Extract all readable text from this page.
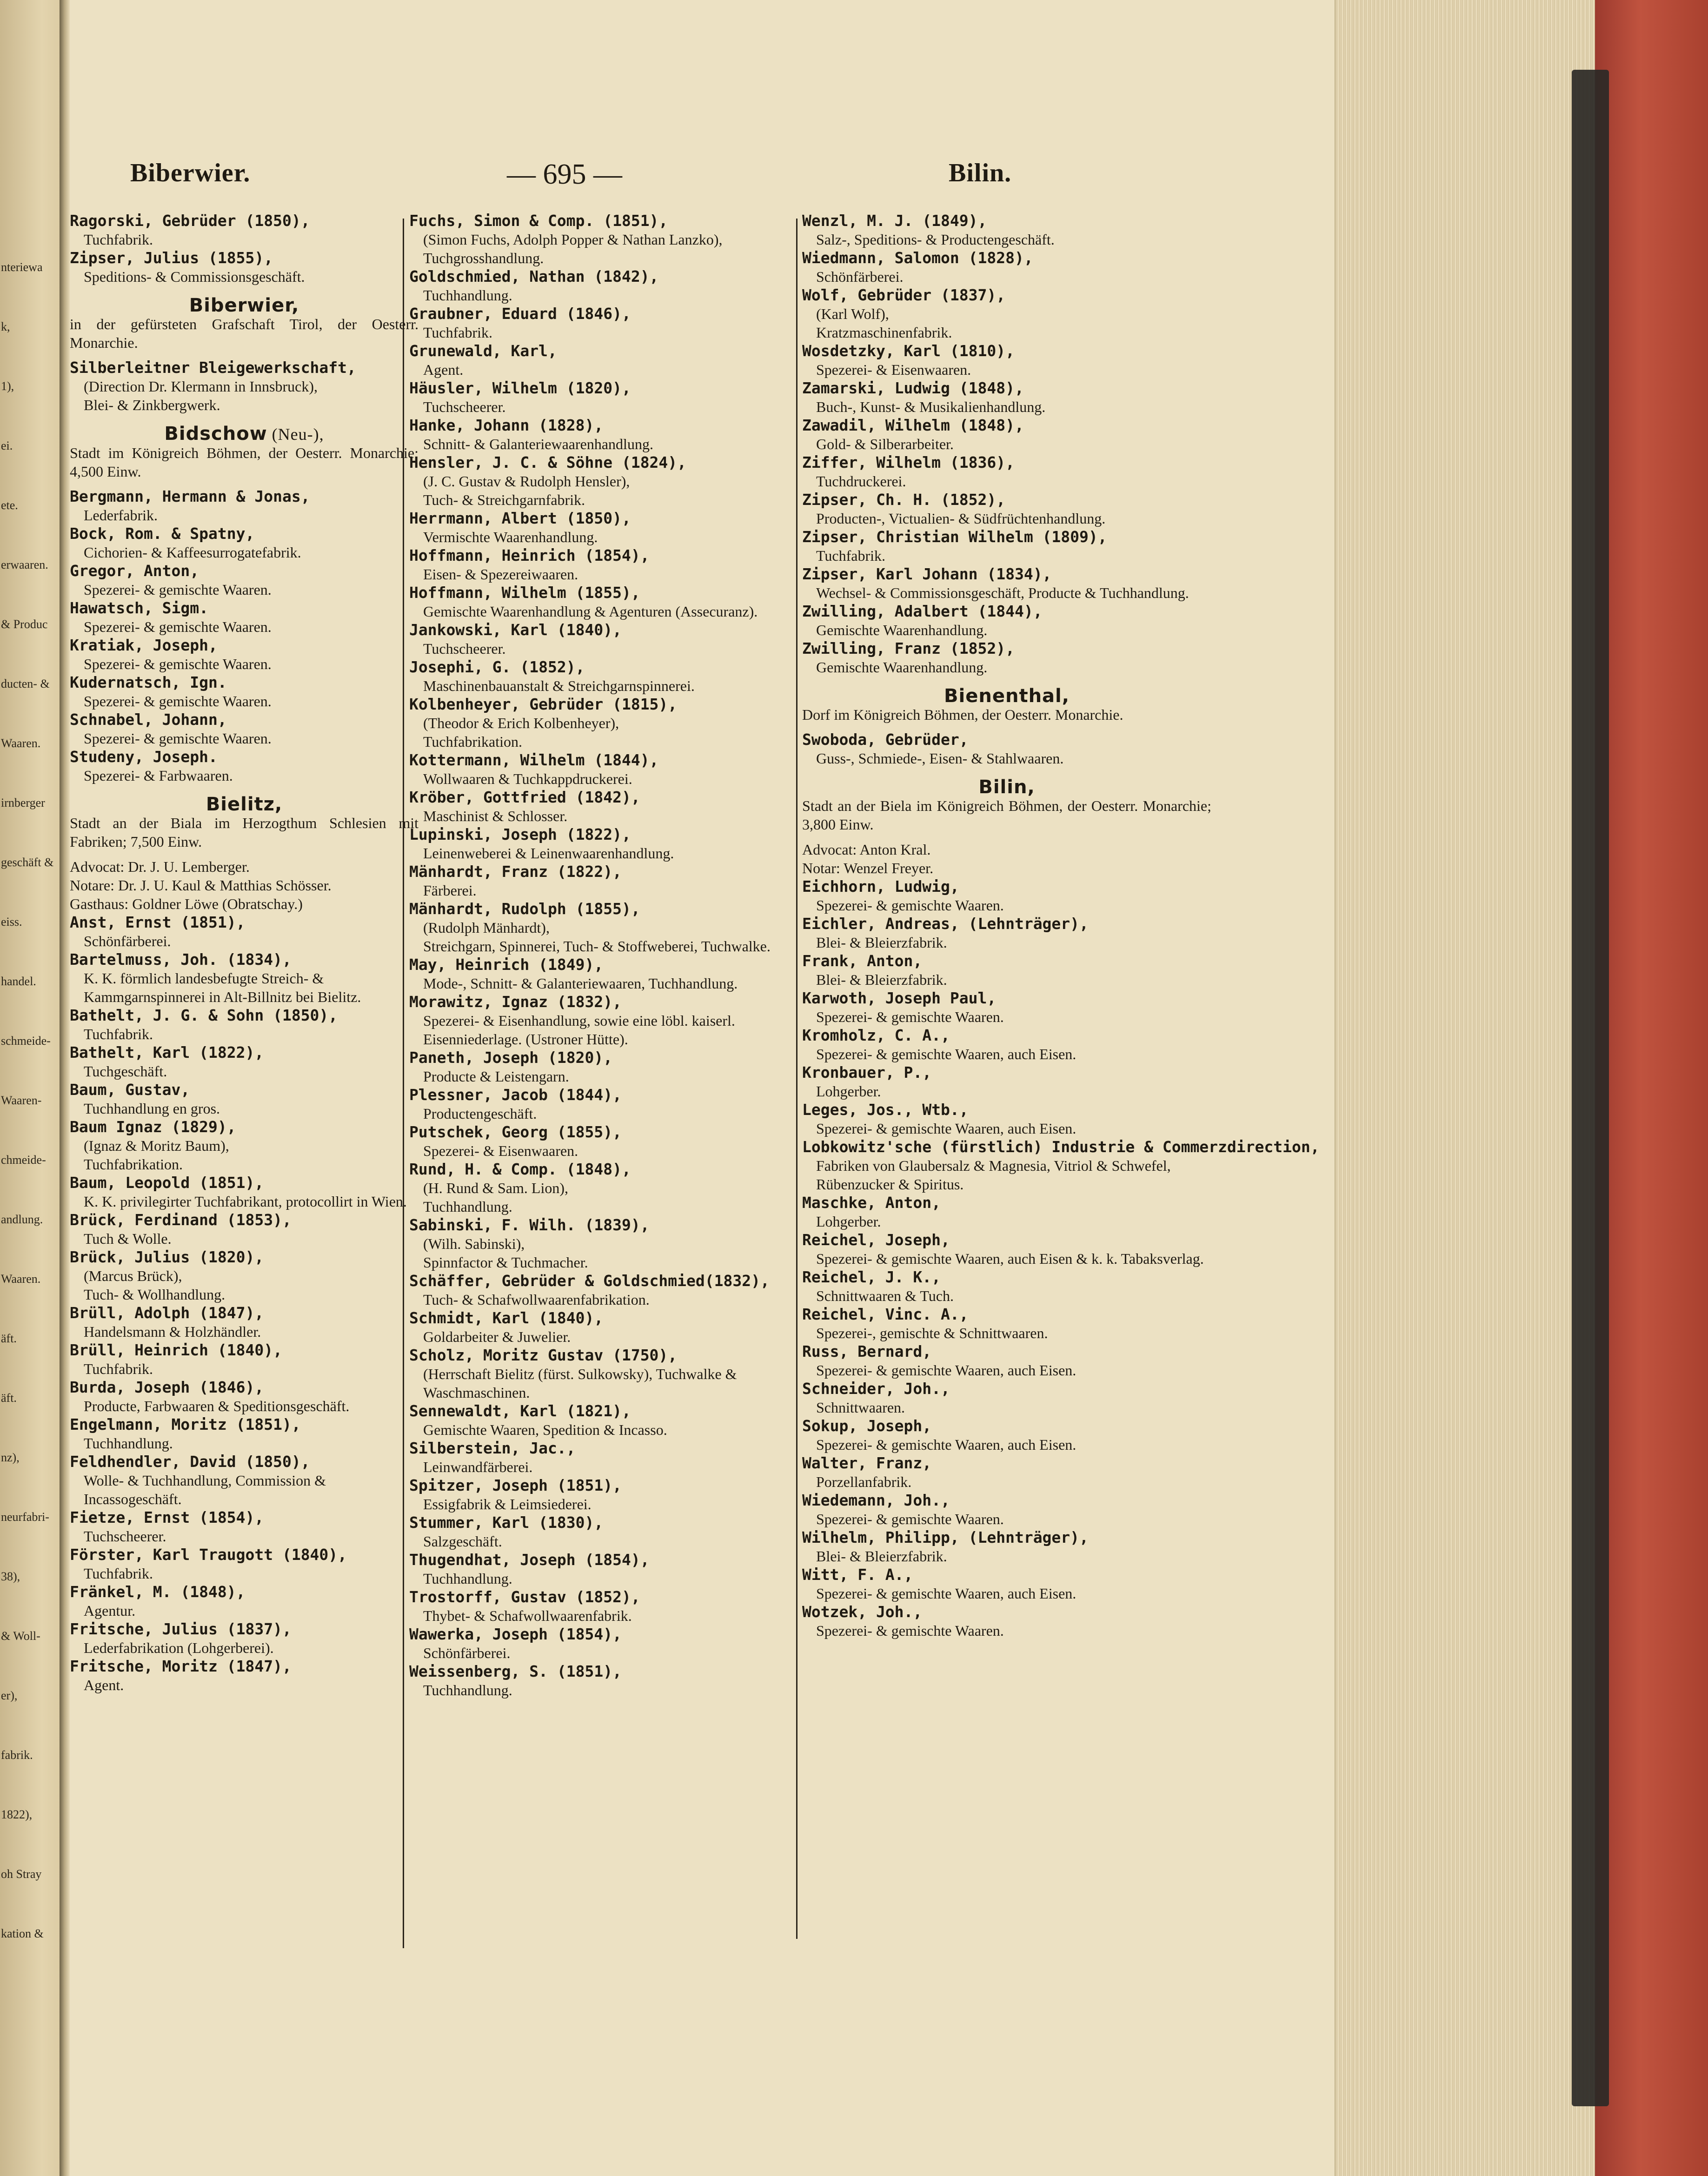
nteriewa
k,
1),
ei.
ete.
erwaaren.
& Produc
ducten- &
Waaren.
irnberger
geschäft &
eiss.
handel.
schmeide-
Waaren-
chmeide-
andlung.
Waaren.
äft.
äft.
nz),
neurfabri-
38),
& Woll-
er),
fabrik.
1822),
oh Stray
kation &
Biberwier.	— 695 —	Bilin.
Ragorski, Gebrüder (1850),
Tuchfabrik.
Zipser, Julius (1855),
Speditions- & Commissionsgeschäft.
Biberwier,
in der gefürsteten Grafschaft Tirol, der Oesterr. Monarchie.
Silberleitner Bleigewerkschaft,
(Direction Dr. Klermann in Innsbruck),
Blei- & Zinkbergwerk.
Bidschow (Neu-),
Stadt im Königreich Böhmen, der Oesterr. Monarchie; 4,500 Einw.
Bergmann, Hermann & Jonas,
Lederfabrik.
Bock, Rom. & Spatny,
Cichorien- & Kaffeesurrogatefabrik.
Gregor, Anton,
Spezerei- & gemischte Waaren.
Hawatsch, Sigm.
Spezerei- & gemischte Waaren.
Kratiak, Joseph,
Spezerei- & gemischte Waaren.
Kudernatsch, Ign.
Spezerei- & gemischte Waaren.
Schnabel, Johann,
Spezerei- & gemischte Waaren.
Studeny, Joseph.
Spezerei- & Farbwaaren.
Bielitz,
Stadt an der Biala im Herzogthum Schlesien mit Fabriken; 7,500 Einw.
Advocat: Dr. J. U. Lemberger.
Notare: Dr. J. U. Kaul & Matthias Schösser.
Gasthaus: Goldner Löwe (Obratschay.)
Anst, Ernst (1851),
Schönfärberei.
Bartelmuss, Joh. (1834),
K. K. förmlich landesbefugte Streich- & Kammgarnspinnerei in Alt-Billnitz bei Bielitz.
Bathelt, J. G. & Sohn (1850),
Tuchfabrik.
Bathelt, Karl (1822),
Tuchgeschäft.
Baum, Gustav,
Tuchhandlung en gros.
Baum Ignaz (1829),
(Ignaz & Moritz Baum),
Tuchfabrikation.
Baum, Leopold (1851),
K. K. privilegirter Tuchfabrikant, protocollirt in Wien.
Brück, Ferdinand (1853),
Tuch & Wolle.
Brück, Julius (1820),
(Marcus Brück),
Tuch- & Wollhandlung.
Brüll, Adolph (1847),
Handelsmann & Holzhändler.
Brüll, Heinrich (1840),
Tuchfabrik.
Burda, Joseph (1846),
Producte, Farbwaaren & Speditionsgeschäft.
Engelmann, Moritz (1851),
Tuchhandlung.
Feldhendler, David (1850),
Wolle- & Tuchhandlung, Commission & Incassogeschäft.
Fietze, Ernst (1854),
Tuchscheerer.
Förster, Karl Traugott (1840),
Tuchfabrik.
Fränkel, M. (1848),
Agentur.
Fritsche, Julius (1837),
Lederfabrikation (Lohgerberei).
Fritsche, Moritz (1847),
Agent.
Fuchs, Simon & Comp. (1851),
(Simon Fuchs, Adolph Popper & Nathan Lanzko),
Tuchgrosshandlung.
Goldschmied, Nathan (1842),
Tuchhandlung.
Graubner, Eduard (1846),
Tuchfabrik.
Grunewald, Karl,
Agent.
Häusler, Wilhelm (1820),
Tuchscheerer.
Hanke, Johann (1828),
Schnitt- & Galanteriewaarenhandlung.
Hensler, J. C. & Söhne (1824),
(J. C. Gustav & Rudolph Hensler),
Tuch- & Streichgarnfabrik.
Herrmann, Albert (1850),
Vermischte Waarenhandlung.
Hoffmann, Heinrich (1854),
Eisen- & Spezereiwaaren.
Hoffmann, Wilhelm (1855),
Gemischte Waarenhandlung & Agenturen (Assecuranz).
Jankowski, Karl (1840),
Tuchscheerer.
Josephi, G. (1852),
Maschinenbauanstalt & Streichgarnspinnerei.
Kolbenheyer, Gebrüder (1815),
(Theodor & Erich Kolbenheyer),
Tuchfabrikation.
Kottermann, Wilhelm (1844),
Wollwaaren & Tuchkappdruckerei.
Kröber, Gottfried (1842),
Maschinist & Schlosser.
Lupinski, Joseph (1822),
Leinenweberei & Leinenwaarenhandlung.
Mänhardt, Franz (1822),
Färberei.
Mänhardt, Rudolph (1855),
(Rudolph Mänhardt),
Streichgarn, Spinnerei, Tuch- & Stoffweberei, Tuchwalke.
May, Heinrich (1849),
Mode-, Schnitt- & Galanteriewaaren, Tuchhandlung.
Morawitz, Ignaz (1832),
Spezerei- & Eisenhandlung, sowie eine löbl. kaiserl. Eisenniederlage. (Ustroner Hütte).
Paneth, Joseph (1820),
Producte & Leistengarn.
Plessner, Jacob (1844),
Productengeschäft.
Putschek, Georg (1855),
Spezerei- & Eisenwaaren.
Rund, H. & Comp. (1848),
(H. Rund & Sam. Lion),
Tuchhandlung.
Sabinski, F. Wilh. (1839),
(Wilh. Sabinski),
Spinnfactor & Tuchmacher.
Schäffer, Gebrüder & Goldschmied(1832),
Tuch- & Schafwollwaarenfabrikation.
Schmidt, Karl (1840),
Goldarbeiter & Juwelier.
Scholz, Moritz Gustav (1750),
(Herrschaft Bielitz (fürst. Sulkowsky), Tuchwalke & Waschmaschinen.
Sennewaldt, Karl (1821),
Gemischte Waaren, Spedition & Incasso.
Silberstein, Jac.,
Leinwandfärberei.
Spitzer, Joseph (1851),
Essigfabrik & Leimsiederei.
Stummer, Karl (1830),
Salzgeschäft.
Thugendhat, Joseph (1854),
Tuchhandlung.
Trostorff, Gustav (1852),
Thybet- & Schafwollwaarenfabrik.
Wawerka, Joseph (1854),
Schönfärberei.
Weissenberg, S. (1851),
Tuchhandlung.
Wenzl, M. J. (1849),
Salz-, Speditions- & Productengeschäft.
Wiedmann, Salomon (1828),
Schönfärberei.
Wolf, Gebrüder (1837),
(Karl Wolf),
Kratzmaschinenfabrik.
Wosdetzky, Karl (1810),
Spezerei- & Eisenwaaren.
Zamarski, Ludwig (1848),
Buch-, Kunst- & Musikalienhandlung.
Zawadil, Wilhelm (1848),
Gold- & Silberarbeiter.
Ziffer, Wilhelm (1836),
Tuchdruckerei.
Zipser, Ch. H. (1852),
Producten-, Victualien- & Südfrüchtenhandlung.
Zipser, Christian Wilhelm (1809),
Tuchfabrik.
Zipser, Karl Johann (1834),
Wechsel- & Commissionsgeschäft, Producte & Tuchhandlung.
Zwilling, Adalbert (1844),
Gemischte Waarenhandlung.
Zwilling, Franz (1852),
Gemischte Waarenhandlung.
Bienenthal,
Dorf im Königreich Böhmen, der Oesterr. Monarchie.
Swoboda, Gebrüder,
Guss-, Schmiede-, Eisen- & Stahlwaaren.
Bilin,
Stadt an der Biela im Königreich Böhmen, der Oesterr. Monarchie; 3,800 Einw.
Advocat: Anton Kral.
Notar: Wenzel Freyer.
Eichhorn, Ludwig,
Spezerei- & gemischte Waaren.
Eichler, Andreas, (Lehnträger),
Blei- & Bleierzfabrik.
Frank, Anton,
Blei- & Bleierzfabrik.
Karwoth, Joseph Paul,
Spezerei- & gemischte Waaren.
Kromholz, C. A.,
Spezerei- & gemischte Waaren, auch Eisen.
Kronbauer, P.,
Lohgerber.
Leges, Jos., Wtb.,
Spezerei- & gemischte Waaren, auch Eisen.
Lobkowitz'sche (fürstlich) Industrie & Commerzdirection,
Fabriken von Glaubersalz & Magnesia, Vitriol & Schwefel, Rübenzucker & Spiritus.
Maschke, Anton,
Lohgerber.
Reichel, Joseph,
Spezerei- & gemischte Waaren, auch Eisen & k. k. Tabaksverlag.
Reichel, J. K.,
Schnittwaaren & Tuch.
Reichel, Vinc. A.,
Spezerei-, gemischte & Schnittwaaren.
Russ, Bernard,
Spezerei- & gemischte Waaren, auch Eisen.
Schneider, Joh.,
Schnittwaaren.
Sokup, Joseph,
Spezerei- & gemischte Waaren, auch Eisen.
Walter, Franz,
Porzellanfabrik.
Wiedemann, Joh.,
Spezerei- & gemischte Waaren.
Wilhelm, Philipp, (Lehnträger),
Blei- & Bleierzfabrik.
Witt, F. A.,
Spezerei- & gemischte Waaren, auch Eisen.
Wotzek, Joh.,
Spezerei- & gemischte Waaren.
